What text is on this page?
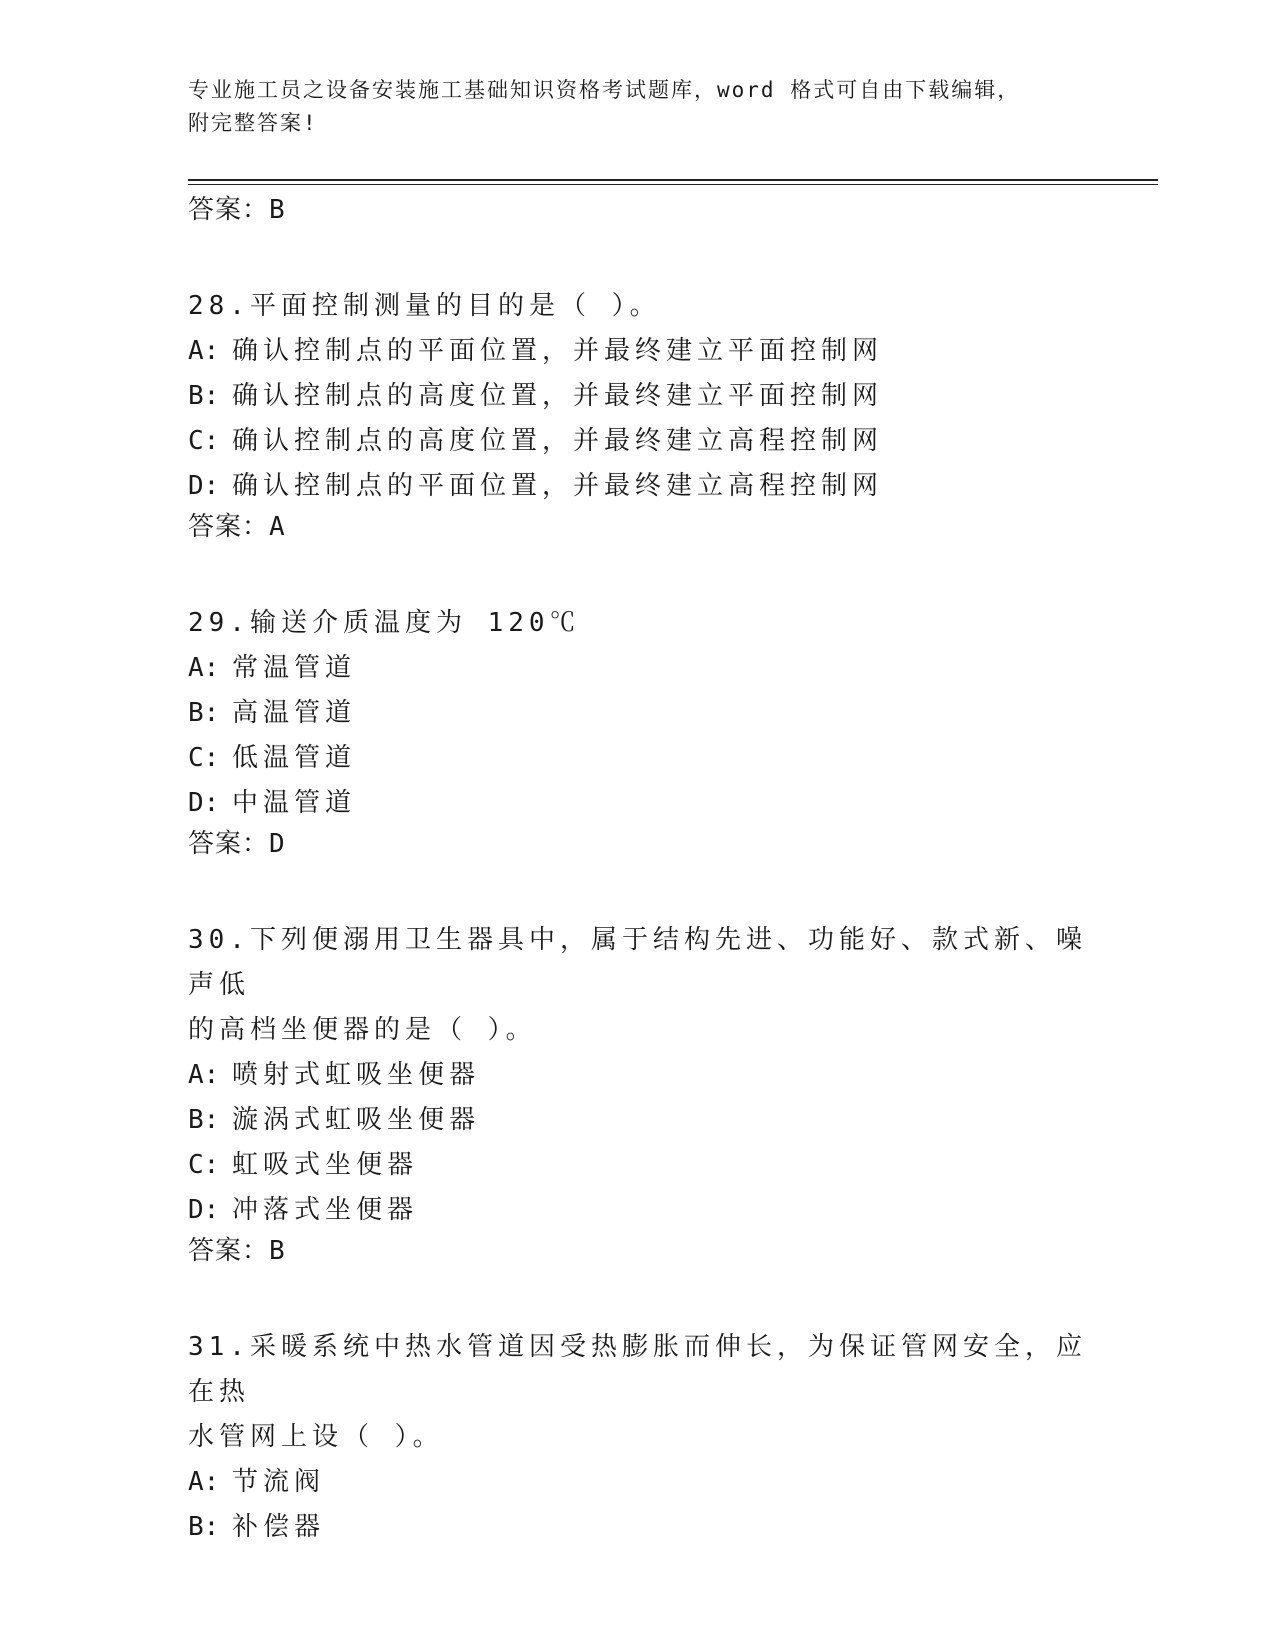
专业施工员之设备安装施工基础知识资格考试题库，word 格式可自由下载编辑，
附完整答案!
答案：B
28.平面控制测量的目的是（ ）。
A: 确认控制点的平面位置，并最终建立平面控制网
B: 确认控制点的高度位置，并最终建立平面控制网
C: 确认控制点的高度位置，并最终建立高程控制网
D: 确认控制点的平面位置，并最终建立高程控制网
答案：A
29.输送介质温度为 120℃
A: 常温管道
B: 高温管道
C: 低温管道
D: 中温管道
答案：D
30.下列便溺用卫生器具中，属于结构先进、功能好、款式新、噪声低
的高档坐便器的是（ ）。
A: 喷射式虹吸坐便器
B: 漩涡式虹吸坐便器
C: 虹吸式坐便器
D: 冲落式坐便器
答案：B
31.采暖系统中热水管道因受热膨胀而伸长，为保证管网安全，应在热
水管网上设（ ）。
A: 节流阀
B: 补偿器
